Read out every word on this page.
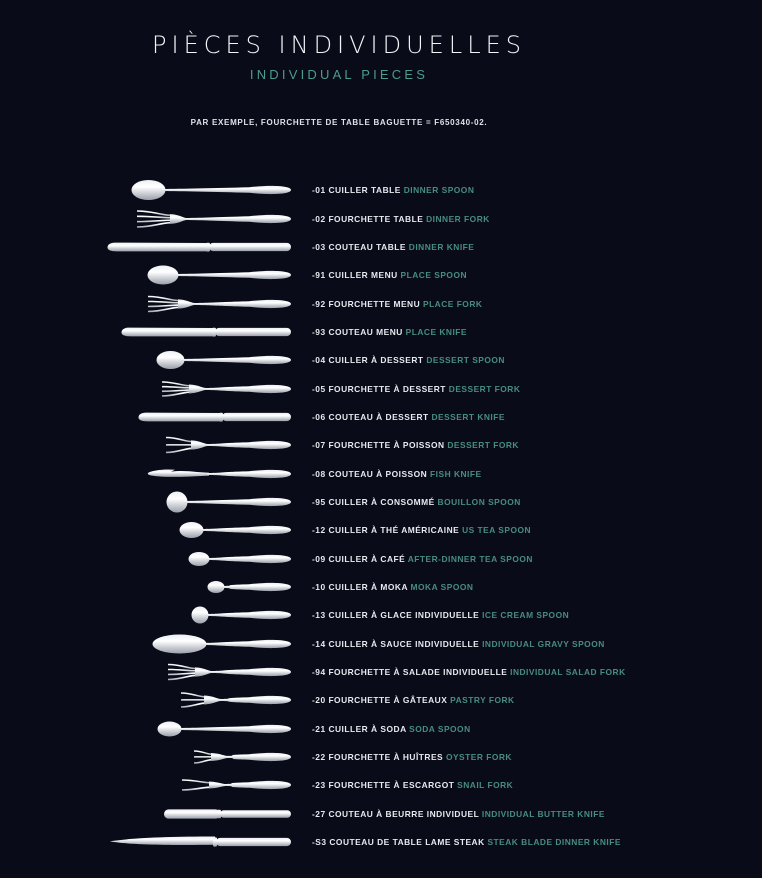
PIÈCES INDIVIDUELLES
INDIVIDUAL PIECES
PAR EXEMPLE, FOURCHETTE DE TABLE BAGUETTE = F650340-02.
-01 CUILLER TABLE DINNER SPOON
-02 FOURCHETTE TABLE DINNER FORK
-03 COUTEAU TABLE DINNER KNIFE
-91 CUILLER MENU PLACE SPOON
-92 FOURCHETTE MENU PLACE FORK
-93 COUTEAU MENU PLACE KNIFE
-04 CUILLER À DESSERT DESSERT SPOON
-05 FOURCHETTE À DESSERT DESSERT FORK
-06 COUTEAU À DESSERT DESSERT KNIFE
-07 FOURCHETTE À POISSON DESSERT FORK
-08 COUTEAU À POISSON FISH KNIFE
-95 CUILLER À CONSOMMÉ BOUILLON SPOON
-12 CUILLER À THÉ AMÉRICAINE US TEA SPOON
-09 CUILLER À CAFÉ AFTER-DINNER TEA SPOON
-10 CUILLER À MOKA MOKA SPOON
-13 CUILLER À GLACE INDIVIDUELLE ICE CREAM SPOON
-14 CUILLER À SAUCE INDIVIDUELLE INDIVIDUAL GRAVY SPOON
-94 FOURCHETTE À SALADE INDIVIDUELLE INDIVIDUAL SALAD FORK
-20 FOURCHETTE À GÂTEAUX PASTRY FORK
-21 CUILLER À SODA SODA SPOON
-22 FOURCHETTE À HUÎTRES OYSTER FORK
-23 FOURCHETTE À ESCARGOT SNAIL FORK
-27 COUTEAU À BEURRE INDIVIDUEL INDIVIDUAL BUTTER KNIFE
-S3 COUTEAU DE TABLE LAME STEAK STEAK BLADE DINNER KNIFE
